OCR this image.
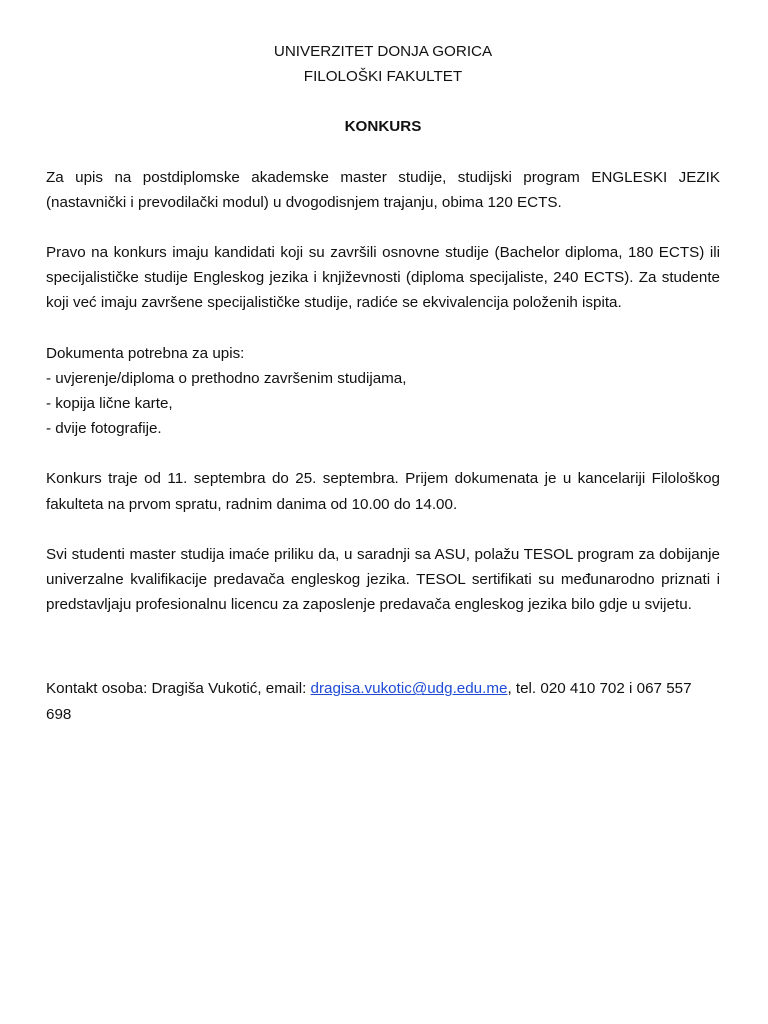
UNIVERZITET DONJA GORICA
FILOLOŠKI FAKULTET
KONKURS

Za upis na postdiplomske akademske master studije, studijski program ENGLESKI JEZIK (nastavnički i prevodilački modul) u dvogodisnjem trajanju, obima 120 ECTS.

Pravo na konkurs imaju kandidati koji su završili osnovne studije (Bachelor diploma, 180 ECTS) ili specijalističke studije Engleskog jezika i književnosti (diploma specijaliste, 240 ECTS). Za studente koji već imaju završene specijalističke studije, radiće se ekvivalencija položenih ispita.

Dokumenta potrebna za upis:
- uvjerenje/diploma o prethodno završenim studijama,
- kopija lične karte,
- dvije fotografije.

Konkurs traje od 11. septembra do 25. septembra. Prijem dokumenata je u kancelariji Filološkog fakulteta na prvom spratu, radnim danima od 10.00 do 14.00.

Svi studenti master studija imaće priliku da, u saradnji sa ASU, polažu TESOL program za dobijanje univerzalne kvalifikacije predavača engleskog jezika. TESOL sertifikati su međunarodno priznati i predstavljaju profesionalnu licencu za zaposlenje predavača engleskog jezika bilo gdje u svijetu.

Kontakt osoba: Dragiša Vukotić, email: dragisa.vukotic@udg.edu.me, tel. 020 410 702 i 067 557 698
